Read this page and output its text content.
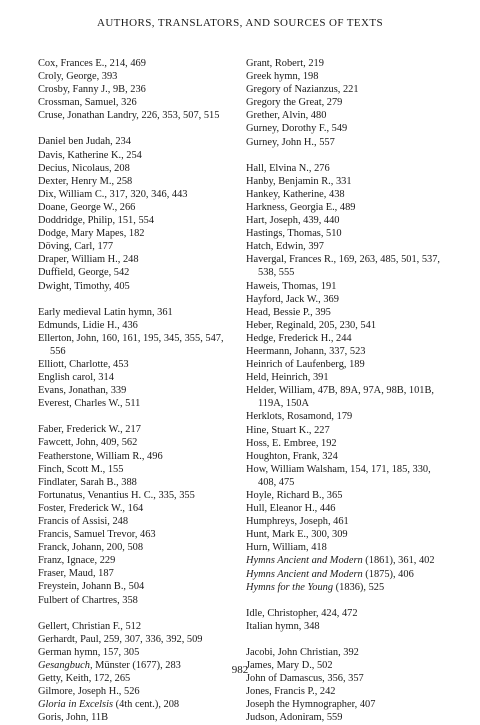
AUTHORS, TRANSLATORS, AND SOURCES OF TEXTS
Cox, Frances E., 214, 469
Croly, George, 393
Crosby, Fanny J., 9B, 236
Crossman, Samuel, 326
Cruse, Jonathan Landry, 226, 353, 507, 515
Daniel ben Judah, 234
Davis, Katherine K., 254
Decius, Nicolaus, 208
Dexter, Henry M., 258
Dix, William C., 317, 320, 346, 443
Doane, George W., 266
Doddridge, Philip, 151, 554
Dodge, Mary Mapes, 182
Döving, Carl, 177
Draper, William H., 248
Duffield, George, 542
Dwight, Timothy, 405
Early medieval Latin hymn, 361
Edmunds, Lidie H., 436
Ellerton, John, 160, 161, 195, 345, 355, 547, 556
Elliott, Charlotte, 453
English carol, 314
Evans, Jonathan, 339
Everest, Charles W., 511
Faber, Frederick W., 217
Fawcett, John, 409, 562
Featherstone, William R., 496
Finch, Scott M., 155
Findlater, Sarah B., 388
Fortunatus, Venantius H. C., 335, 355
Foster, Frederick W., 164
Francis of Assisi, 248
Francis, Samuel Trevor, 463
Franck, Johann, 200, 508
Franz, Ignace, 229
Fraser, Maud, 187
Freystein, Johann B., 504
Fulbert of Chartres, 358
Gellert, Christian F., 512
Gerhardt, Paul, 259, 307, 336, 392, 509
German hymn, 157, 305
Gesangbuch, Münster (1677), 283
Getty, Keith, 172, 265
Gilmore, Joseph H., 526
Gloria in Excelsis (4th cent.), 208
Goris, John, 11B
Grant, Robert, 219
Greek hymn, 198
Gregory of Nazianzus, 221
Gregory the Great, 279
Grether, Alvin, 480
Gurney, Dorothy F., 549
Gurney, John H., 557
Hall, Elvina N., 276
Hanby, Benjamin R., 331
Hankey, Katherine, 438
Harkness, Georgia E., 489
Hart, Joseph, 439, 440
Hastings, Thomas, 510
Hatch, Edwin, 397
Havergal, Frances R., 169, 263, 485, 501, 537, 538, 555
Haweis, Thomas, 191
Hayford, Jack W., 369
Head, Bessie P., 395
Heber, Reginald, 205, 230, 541
Hedge, Frederick H., 244
Heermann, Johann, 337, 523
Heinrich of Laufenberg, 189
Held, Heinrich, 391
Helder, William, 47B, 89A, 97A, 98B, 101B, 119A, 150A
Herklots, Rosamond, 179
Hine, Stuart K., 227
Hoss, E. Embree, 192
Houghton, Frank, 324
How, William Walsham, 154, 171, 185, 330, 408, 475
Hoyle, Richard B., 365
Hull, Eleanor H., 446
Humphreys, Joseph, 461
Hunt, Mark E., 300, 309
Hurn, William, 418
Hymns Ancient and Modern (1861), 361, 402
Hymns Ancient and Modern (1875), 406
Hymns for the Young (1836), 525
Idle, Christopher, 424, 472
Italian hymn, 348
Jacobi, John Christian, 392
James, Mary D., 502
John of Damascus, 356, 357
Jones, Francis P., 242
Joseph the Hymnographer, 407
Judson, Adoniram, 559
982
